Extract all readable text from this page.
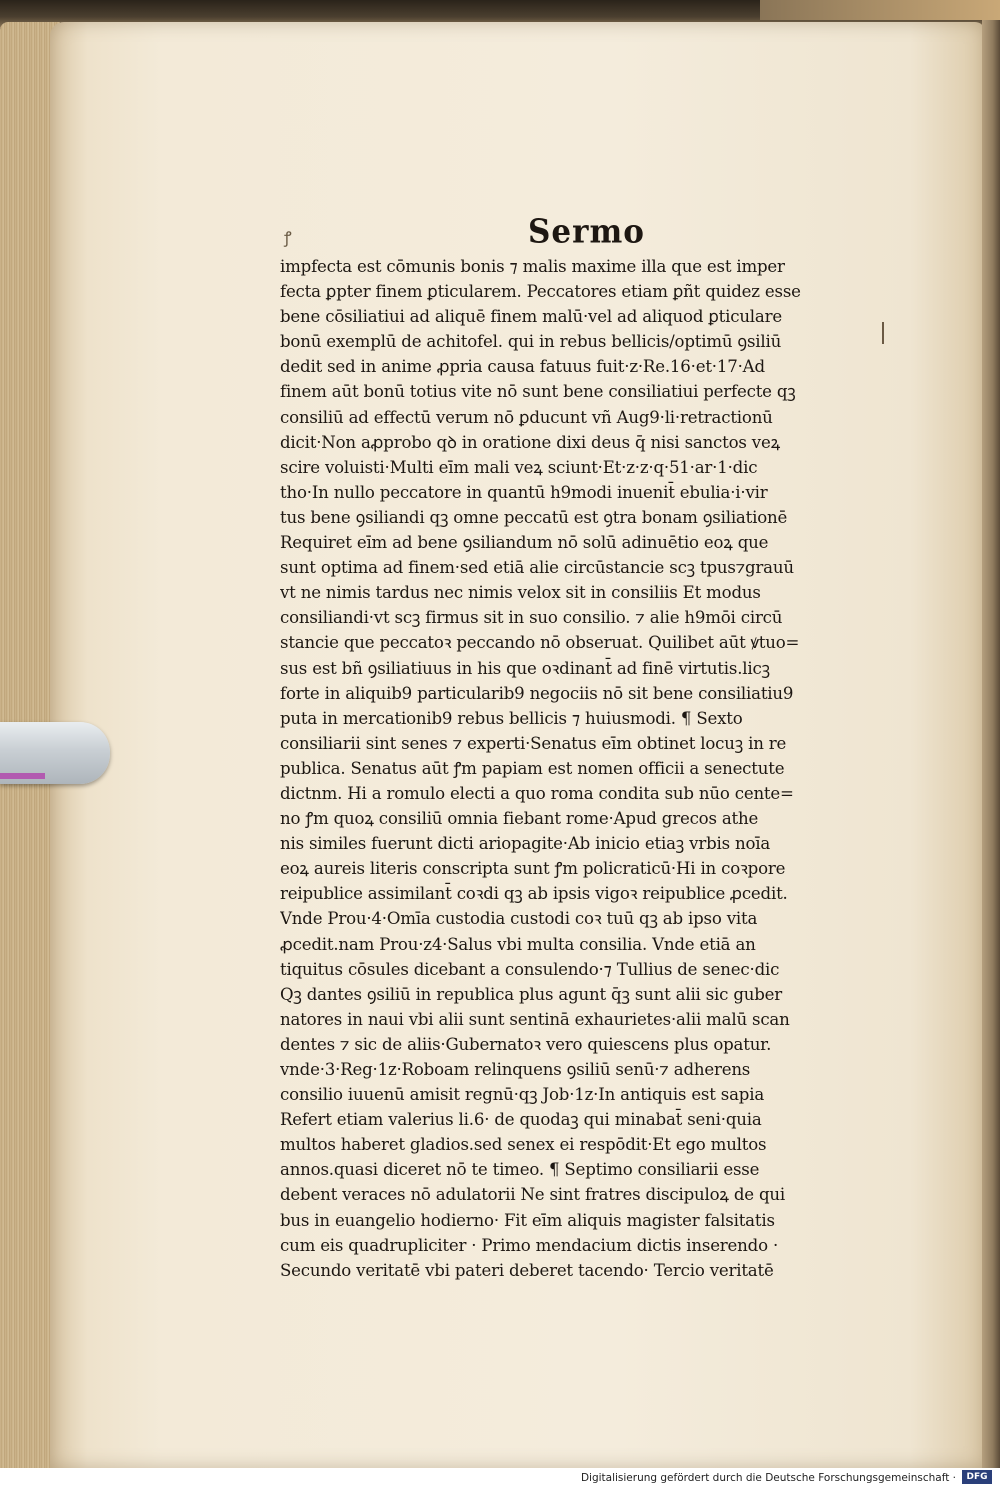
ꝭ	Sermo
impfecta est cōmunis bonis ⁊ malis maxime illa que est imper
fecta ꝑpter finem ꝑticularem. Peccatores etiam ꝑñt quidez esse
bene cōsiliatiui ad aliquē finem malū·vel ad aliquod ꝑticulare
bonū exemplū de achitofel. qui in rebus bellicis/optimū ꝯsiliū
dedit sed in anime ꝓpria causa fatuus fuit·z·Re.16·et·17·Ad
finem aūt bonū totius vite nō sunt bene consiliatiui perfecte qꝫ
consiliū ad effectū verum nō ꝑducunt vñ Aug9·li·retractionū
dicit·Non aꝓprobo qꝺ in oratione dixi deus q̄ nisi sanctos veꝝ
scire voluisti·Multi eīm mali veꝝ sciunt·Et·z·z·q·51·ar·1·dic
tho·In nullo peccatore in quantū h9modi inuenit̄ ebulia·i·vir
tus bene ꝯsiliandi qꝫ omne peccatū est ꝯtra bonam ꝯsiliationē
Requiret eīm ad bene ꝯsiliandum nō solū adinuētio eoꝝ que
sunt optima ad finem·sed etiā alie circūstancie scꝫ tpus⁊grauū
vt ne nimis tardus nec nimis velox sit in consiliis Et modus
consiliandi·vt scꝫ firmus sit in suo consilio. ⁊ alie h9mōi circū
stancie que peccatoꝛ peccando nō obseruat. Quilibet aūt ꝟtuo=
sus est bñ ꝯsiliatiuus in his que oꝛdinant̄ ad finē virtutis.licꝫ
forte in aliquib9 particularib9 negociis nō sit bene consiliatiu9
puta in mercationib9 rebus bellicis ⁊ huiusmodi. ¶ Sexto
consiliarii sint senes ⁊ experti·Senatus eīm obtinet locuꝫ in re
publica. Senatus aūt ꝭm papiam est nomen officii a senectute
dictnm. Hi a romulo electi a quo roma condita sub nūo cente=
no ꝭm quoꝝ consiliū omnia fiebant rome·Apud grecos athe
nis similes fuerunt dicti ariopagite·Ab inicio etiaꝫ vrbis noīa
eoꝝ aureis literis conscripta sunt ꝭm policraticū·Hi in coꝛpore
reipublice assimilant̄ coꝛdi qꝫ ab ipsis vigoꝛ reipublice ꝓcedit.
Vnde Prou·4·Omīa custodia custodi coꝛ tuū qꝫ ab ipso vita
ꝓcedit.nam Prou·z4·Salus vbi multa consilia. Vnde etiā an
tiquitus cōsules dicebant a consulendo·⁊ Tullius de senec·dic
Qꝫ dantes ꝯsiliū in republica plus agunt q̄ꝫ sunt alii sic guber
natores in naui vbi alii sunt sentinā exhaurietes·alii malū scan
dentes ⁊ sic de aliis·Gubernatoꝛ vero quiescens plus opatur.
vnde·3·Reg·1z·Roboam relinquens ꝯsiliū senū·⁊ adherens
consilio iuuenū amisit regnū·qꝫ Job·1z·In antiquis est sapia
Refert etiam valerius li.6· de quodaꝫ qui minabat̄ seni·quia
multos haberet gladios.sed senex ei respōdit·Et ego multos
annos.quasi diceret nō te timeo. ¶ Septimo consiliarii esse
debent veraces nō adulatorii Ne sint fratres discipuloꝝ de qui
bus in euangelio hodierno· Fit eīm aliquis magister falsitatis
cum eis quadrupliciter · Primo mendacium dictis inserendo ·
Secundo veritatē vbi pateri deberet tacendo· Tercio veritatē
Digitalisierung gefördert durch die Deutsche Forschungsgemeinschaft ·	DFG
